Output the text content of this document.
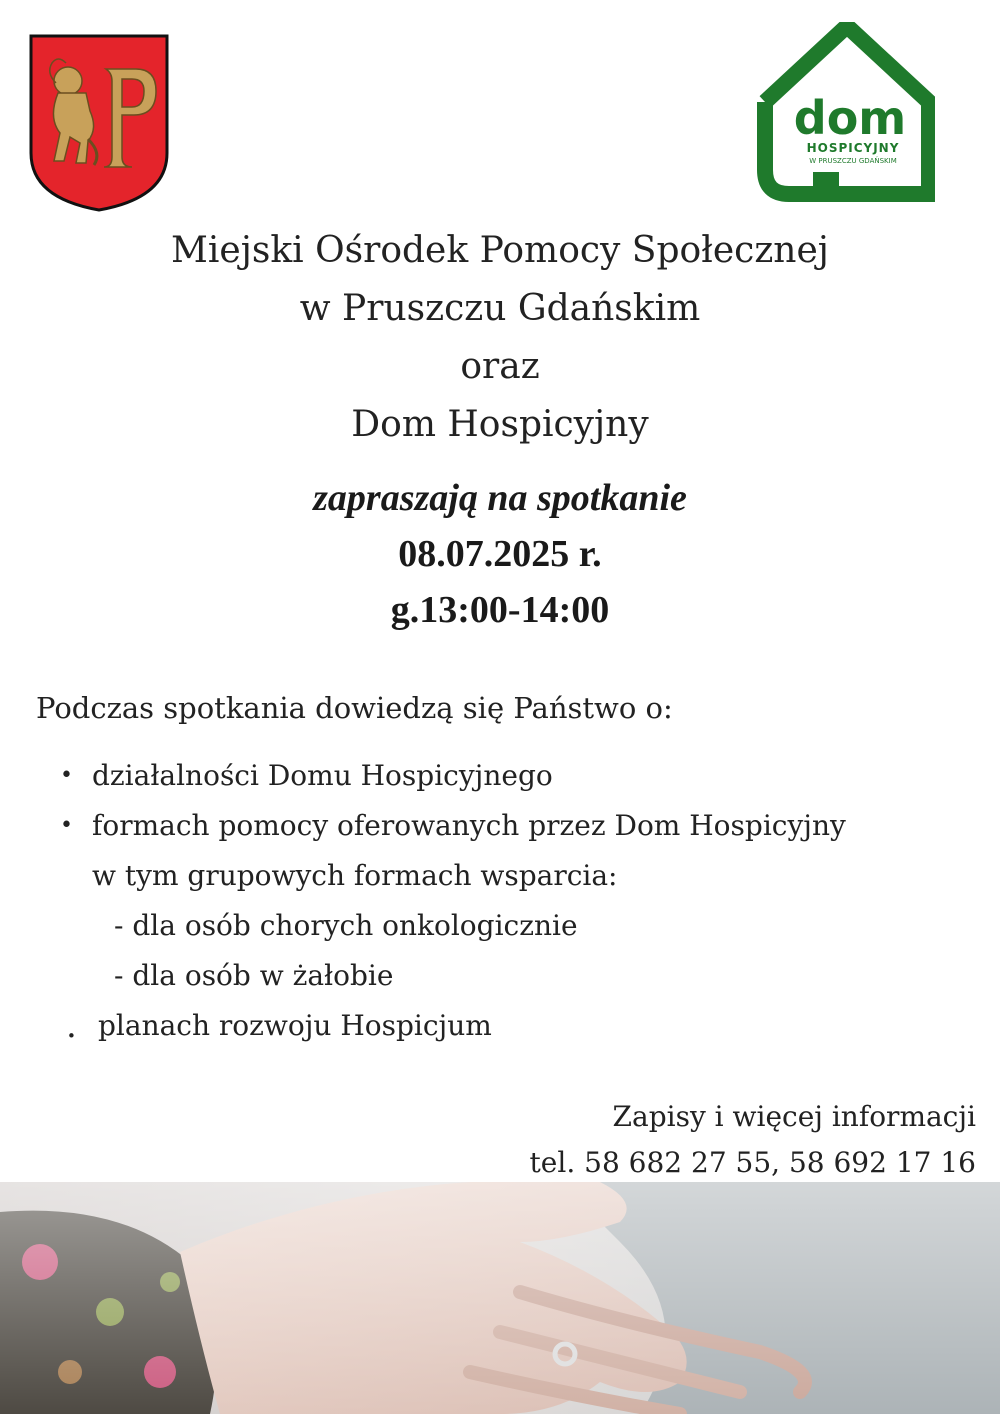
dom
HOSPICYJNY
W PRUSZCZU GDAŃSKIM
Miejski Ośrodek Pomocy Społecznej
w Pruszczu Gdańskim
oraz
Dom Hospicyjny
zapraszają na spotkanie
08.07.2025 r.
g.13:00-14:00
Podczas spotkania dowiedzą się Państwo o:
• działalności Domu Hospicyjnego
• formach pomocy oferowanych przez Dom Hospicyjny
w tym grupowych formach wsparcia:
- dla osób chorych onkologicznie
- dla osób w żałobie
. planach rozwoju Hospicjum
Zapisy i więcej informacji
tel. 58 682 27 55, 58 692 17 16
